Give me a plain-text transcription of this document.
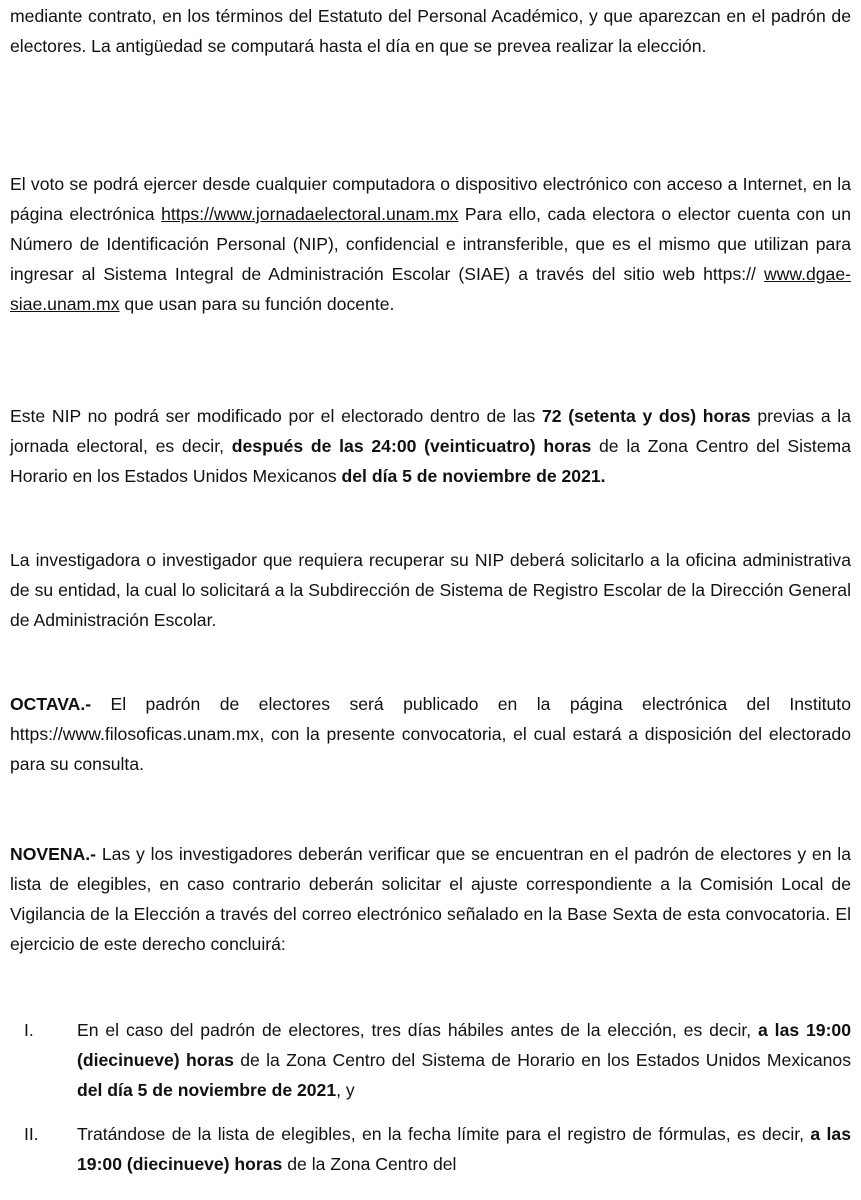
mediante contrato, en los términos del Estatuto del Personal Académico, y que aparezcan en el padrón de electores. La antigüedad se computará hasta el día en que se prevea realizar la elección.

El voto se podrá ejercer desde cualquier computadora o dispositivo electrónico con acceso a Internet, en la página electrónica https://www.jornadaelectoral.unam.mx Para ello, cada electora o elector cuenta con un Número de Identificación Personal (NIP), confidencial e intransferible, que es el mismo que utilizan para ingresar al Sistema Integral de Administración Escolar (SIAE) a través del sitio web https:// www.dgae-siae.unam.mx que usan para su función docente.

Este NIP no podrá ser modificado por el electorado dentro de las 72 (setenta y dos) horas previas a la jornada electoral, es decir, después de las 24:00 (veinticuatro) horas de la Zona Centro del Sistema Horario en los Estados Unidos Mexicanos del día 5 de noviembre de 2021.

La investigadora o investigador que requiera recuperar su NIP deberá solicitarlo a la oficina administrativa de su entidad, la cual lo solicitará a la Subdirección de Sistema de Registro Escolar de la Dirección General de Administración Escolar.

OCTAVA.- El padrón de electores será publicado en la página electrónica del Instituto https://www.filosoficas.unam.mx, con la presente convocatoria, el cual estará a disposición del electorado para su consulta.

NOVENA.- Las y los investigadores deberán verificar que se encuentran en el padrón de electores y en la lista de elegibles, en caso contrario deberán solicitar el ajuste correspondiente a la Comisión Local de Vigilancia de la Elección a través del correo electrónico señalado en la Base Sexta de esta convocatoria. El ejercicio de este derecho concluirá:

I.	En el caso del padrón de electores, tres días hábiles antes de la elección, es decir, a las 19:00 (diecinueve) horas de la Zona Centro del Sistema de Horario en los Estados Unidos Mexicanos del día 5 de noviembre de 2021, y
II.	Tratándose de la lista de elegibles, en la fecha límite para el registro de fórmulas, es decir, a las 19:00 (diecinueve) horas de la Zona Centro del
